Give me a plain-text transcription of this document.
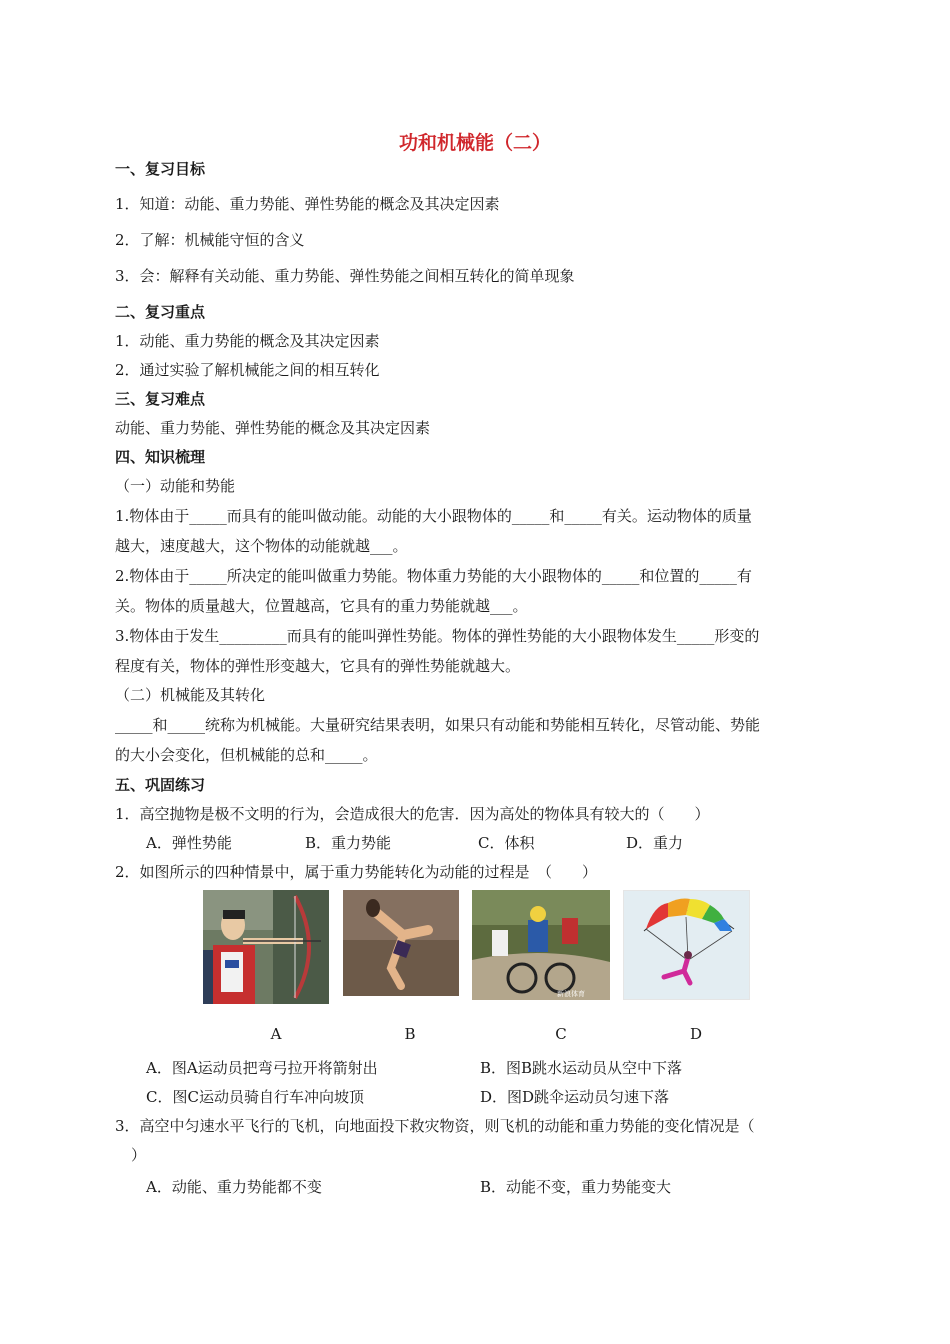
功和机械能（二）
一、复习目标
1．知道：动能、重力势能、弹性势能的概念及其决定因素
2．了解：机械能守恒的含义
3．会：解释有关动能、重力势能、弹性势能之间相互转化的简单现象
二、复习重点
1．动能、重力势能的概念及其决定因素
2．通过实验了解机械能之间的相互转化
三、复习难点
动能、重力势能、弹性势能的概念及其决定因素
四、知识梳理
（一）动能和势能
1.物体由于_____而具有的能叫做动能。动能的大小跟物体的_____和_____有关。运动物体的质量
越大，速度越大，这个物体的动能就越___。
2.物体由于_____所决定的能叫做重力势能。物体重力势能的大小跟物体的_____和位置的_____有
关。物体的质量越大，位置越高，它具有的重力势能就越___。
3.物体由于发生_________而具有的能叫弹性势能。物体的弹性势能的大小跟物体发生_____形变的
程度有关，物体的弹性形变越大，它具有的弹性势能就越大。
（二）机械能及其转化
_____和_____统称为机械能。大量研究结果表明，如果只有动能和势能相互转化，尽管动能、势能
的大小会变化，但机械能的总和_____。
五、巩固练习
1．高空抛物是极不文明的行为，会造成很大的危害．因为高处的物体具有较大的（　　）
A．弹性势能	B．重力势能	C．体积	D．重力
2．如图所示的四种情景中，属于重力势能转化为动能的过程是　（　　）
新浪体育
A	B	C	D
A．图A运动员把弯弓拉开将箭射出	B．图B跳水运动员从空中下落
C．图C运动员骑自行车冲向坡顶	D．图D跳伞运动员匀速下落
3．高空中匀速水平飞行的飞机，向地面投下救灾物资，则飞机的动能和重力势能的变化情况是（
）
A．动能、重力势能都不变	B．动能不变，重力势能变大
